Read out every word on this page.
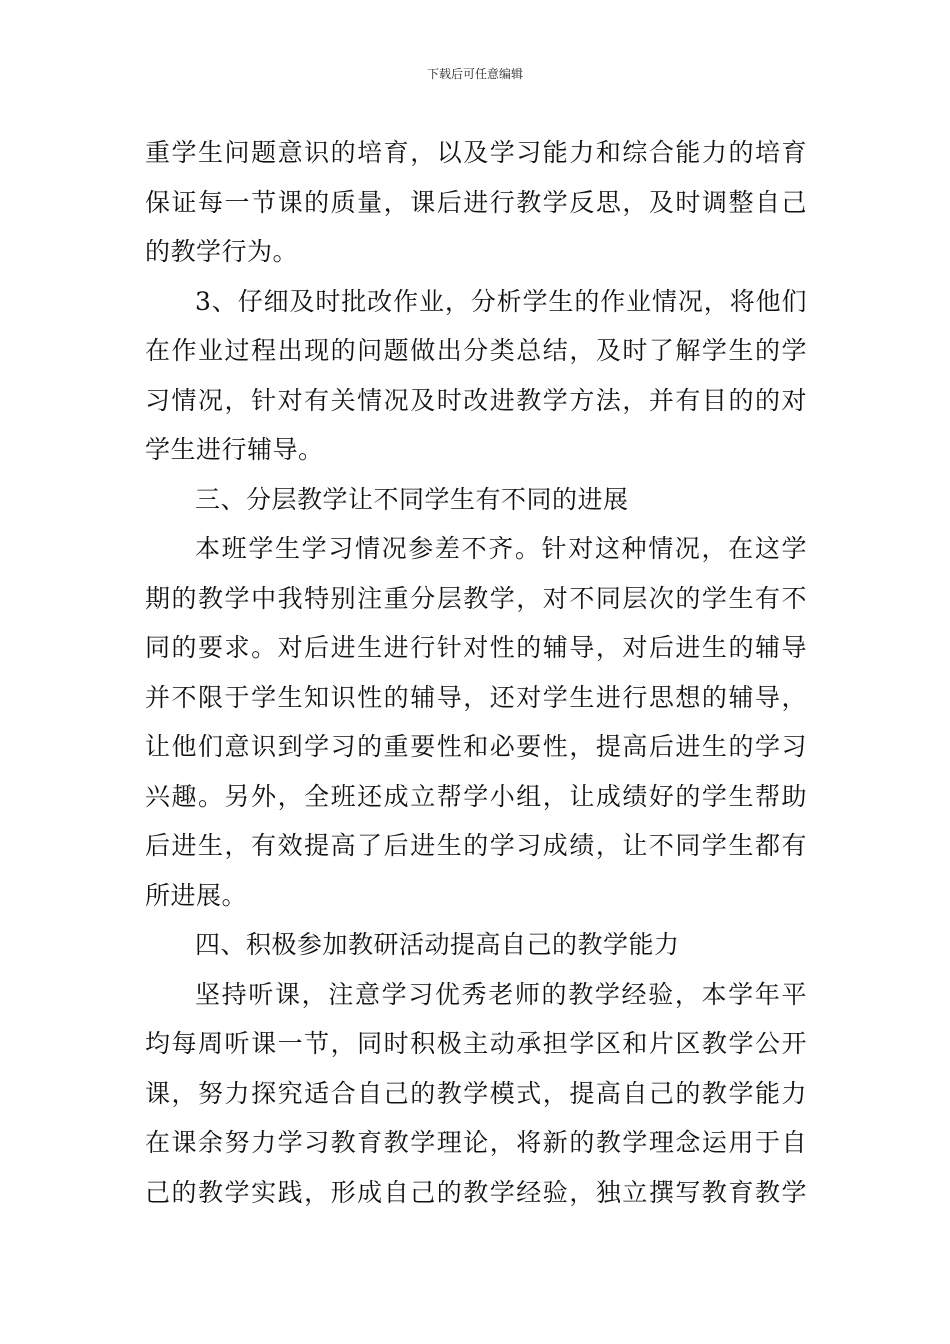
下载后可任意编辑
重学生问题意识的培育，以及学习能力和综合能力的培育
保证每一节课的质量，课后进行教学反思，及时调整自己
的教学行为。
3、仔细及时批改作业，分析学生的作业情况，将他们
在作业过程出现的问题做出分类总结，及时了解学生的学
习情况，针对有关情况及时改进教学方法，并有目的的对
学生进行辅导。
三、分层教学让不同学生有不同的进展
本班学生学习情况参差不齐。针对这种情况，在这学
期的教学中我特别注重分层教学，对不同层次的学生有不
同的要求。对后进生进行针对性的辅导，对后进生的辅导
并不限于学生知识性的辅导，还对学生进行思想的辅导，
让他们意识到学习的重要性和必要性，提高后进生的学习
兴趣。另外，全班还成立帮学小组，让成绩好的学生帮助
后进生，有效提高了后进生的学习成绩，让不同学生都有
所进展。
四、积极参加教研活动提高自己的教学能力
坚持听课，注意学习优秀老师的教学经验，本学年平
均每周听课一节，同时积极主动承担学区和片区教学公开
课，努力探究适合自己的教学模式，提高自己的教学能力
在课余努力学习教育教学理论，将新的教学理念运用于自
己的教学实践，形成自己的教学经验，独立撰写教育教学
